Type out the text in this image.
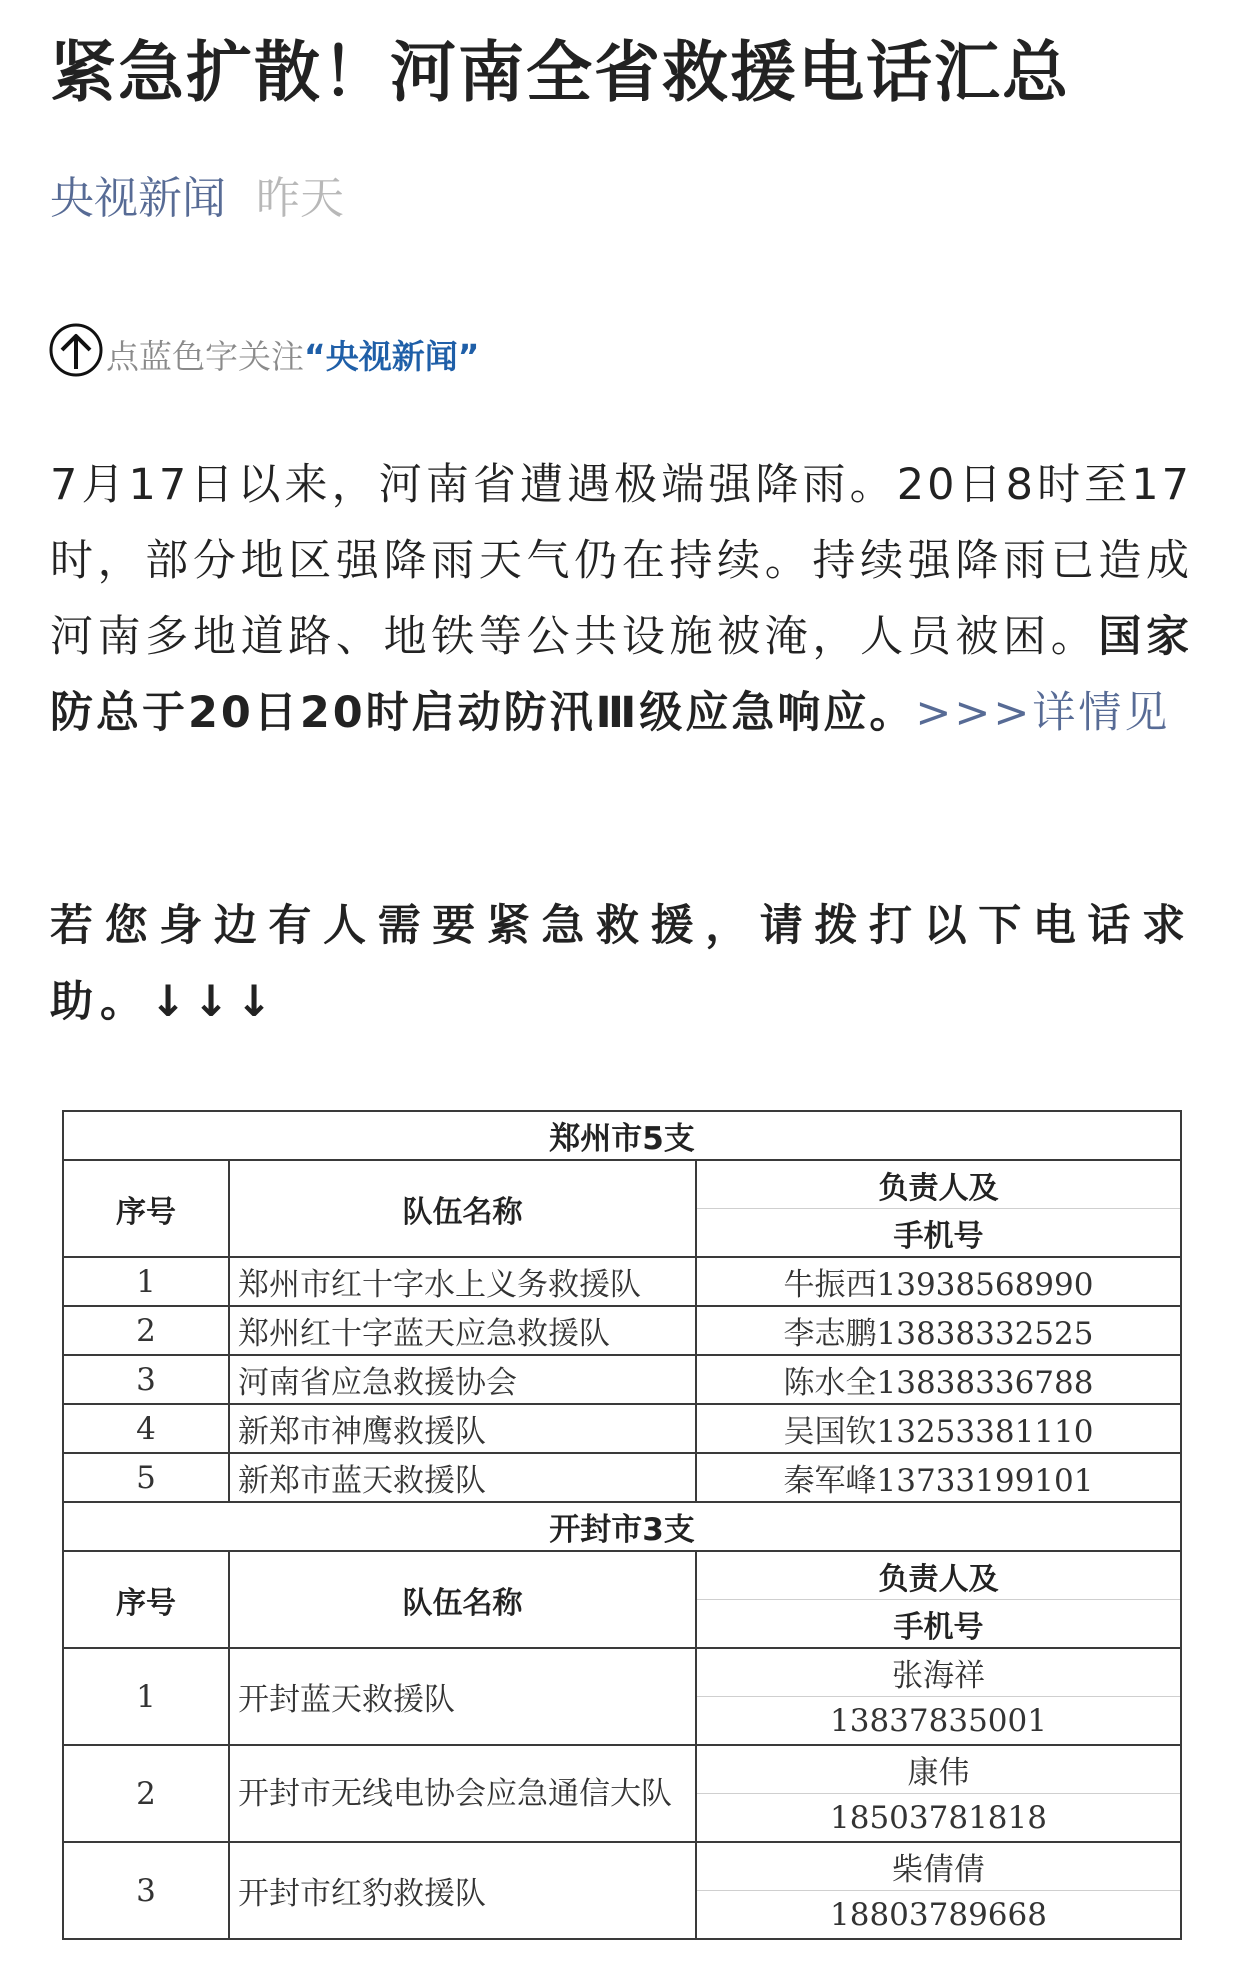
紧急扩散！河南全省救援电话汇总
央视新闻 昨天
点蓝色字关注 “央视新闻”
7月17日以来，河南省遭遇极端强降雨。20日8时至17时，部分地区强降雨天气仍在持续。持续强降雨已造成河南多地道路、地铁等公共设施被淹，人员被困。国家防总于20日20时启动防汛Ⅲ级应急响应。>>>详情见
若您身边有人需要紧急救援，请拨打以下电话求助。↓↓↓
郑州市5支		
序号	队伍名称	负责人及
		手机号
1	郑州市红十字水上义务救援队	牛振西13938568990
2	郑州红十字蓝天应急救援队	李志鹏13838332525
3	河南省应急救援协会	陈水全13838336788
4	新郑市神鹰救援队	吴国钦13253381110
5	新郑市蓝天救援队	秦军峰13733199101
开封市3支		
序号	队伍名称	负责人及
		手机号
1	开封蓝天救援队	张海祥
		13837835001
2	开封市无线电协会应急通信大队	康伟
		18503781818
3	开封市红豹救援队	柴倩倩
		18803789668
